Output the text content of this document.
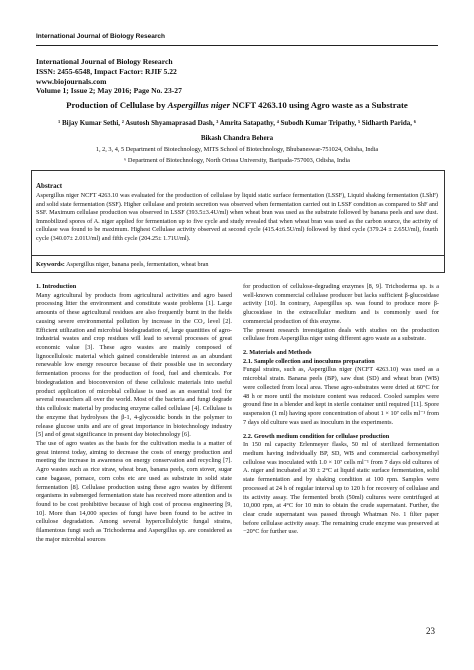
International Journal of Biology Research
International Journal of Biology Research
ISSN: 2455-6548, Impact Factor: RJIF 5.22
www.biojournals.com
Volume 1; Issue 2; May 2016; Page No. 23-27
Production of Cellulase by Aspergillus niger NCFT 4263.10 using Agro waste as a Substrate
¹ Bijay Kumar Sethi, ² Asutosh Shyamaprasad Dash, ³ Amrita Satapathy, ⁴ Subodh Kumar Tripathy, ⁵ Sidharth Parida, ⁶
Bikash Chandra Behera
1, 2, 3, 4, 5 Department of Biotechnology, MITS School of Biotechnology, Bhubaneswar-751024, Odisha, India
⁶ Department of Biotechnology, North Orissa University, Baripada-757003, Odisha, India
Abstract
Aspergillus niger NCFT 4263.10 was evaluated for the production of cellulase by liquid static surface fermentation (LSSF), Liquid shaking fermentation (LShF) and solid state fermentation (SSF). Higher cellulase and protein secretion was observed when fermentation carried out in LSSF condition as compared to ShF and SSF. Maximum cellulase production was observed in LSSF (393.5±3.4U/ml) when wheat bran was used as the substrate followed by banana peels and saw dust. Immobilized spores of A. niger applied for fermentation up to five cycle and study revealed that when wheat bran was used as the carbon source, the activity of cellulase was found to be maximum. Highest Cellulase activity observed at second cycle (415.4±6.5U/ml) followed by third cycle (379.24 ± 2.65U/ml), fourth cycle (340.07± 2.01U/ml) and fifth cycle (204.25± 1.71U/ml).
Keywords: Aspergillus niger, banana peels, fermentation, wheat bran
1. Introduction
Many agricultural by products from agricultural activities and agro based processing litter the environment and constitute waste problems [1]. Large amounts of these agricultural residues are also frequently burnt in the fields causing severe environmental pollution by increase in the CO₂ level [2]. Efficient utilization and microbial biodegradation of, large quantities of agro-industrial wastes and crop residues will lead to several processes of great economic value [3]. These agro wastes are mainly composed of lignocellulosic material which gained considerable interest as an abundant renewable low energy resource because of their possible use in secondary fermentation process for the production of food, fuel and chemicals. For biodegradation and bioconversion of these cellulosic materials into useful product application of microbial cellulase is used as an essential tool for several researchers all over the world. Most of the bacteria and fungi degrade this cellulosic material by producing enzyme called cellulase [4]. Cellulase is the enzyme that hydrolyses the β-1, 4-glycosidic bonds in the polymer to release glucose units and are of great importance in biotechnology industry [5] and of great significance in present day biotechnology [6].
The use of agro wastes as the basis for the cultivation media is a matter of great interest today, aiming to decrease the costs of energy production and meeting the increase in awareness on energy conservation and recycling [7]. Agro wastes such as rice straw, wheat bran, banana peels, corn stover, sugar cane bagasse, pomace, corn cobs etc are used as substrate in solid state fermentation [8]. Cellulase production using these agro wastes by different organisms in submerged fermentation state has received more attention and is found to be cost prohibitive because of high cost of process engineering [9, 10]. More than 14,000 species of fungi have been found to be active in cellulose degradation. Among several hypercellulolytic fungal strains, filamentous fungi such as Trichoderma and Aspergillus sp. are considered as the major microbial sources
for production of cellulose-degrading enzymes [8, 9]. Trichoderma sp. is a well-known commercial cellulase producer but lacks sufficient β-glucosidase activity [10]. In contrary, Aspergillus sp. was found to produce more β-glucosidase in the extracellular medium and is commonly used for commercial production of this enzyme.
The present research investigation deals with studies on the production cellulase from Aspergillus niger using different agro waste as a substrate.
2. Materials and Methods
2.1. Sample collection and inoculums preparation
Fungal strains, such as, Aspergillus niger (NCFT 4263.10) was used as a microbial strain. Banana peels (BP), saw dust (SD) and wheat bran (WB) were collected from local area. These agro-substrates were dried at 60°C for 48 h or more until the moisture content was reduced. Cooled samples were ground fine in a blender and kept in sterile container until required [11]. Spore suspension (1 ml) having spore concentration of about 1 × 10⁷ cells ml⁻¹ from 7 days old culture was used as inoculum in the experiments.
2.2. Growth medium condition for cellulase production
In 150 ml capacity Erlenmeyer flasks, 50 ml of sterilized fermentation medium having individually BP, SD, WB and commercial carboxymethyl cellulose was inoculated with 1.0 × 10⁷ cells ml⁻¹ from 7 days old cultures of A. niger and incubated at 30 ± 2°C at liquid static surface fermentation, solid state fermentation and by shaking condition at 100 rpm. Samples were processed at 24 h of regular interval up to 120 h for recovery of cellulase and its activity assay. The fermented broth (50ml) cultures were centrifuged at 10,000 rpm, at 4°C for 10 min to obtain the crude supernatant. Further, the clear crude supernatant was passed through Whatman No. 1 filter paper before cellulase activity assay. The remaining crude enzyme was preserved at −20°C for further use.
23
